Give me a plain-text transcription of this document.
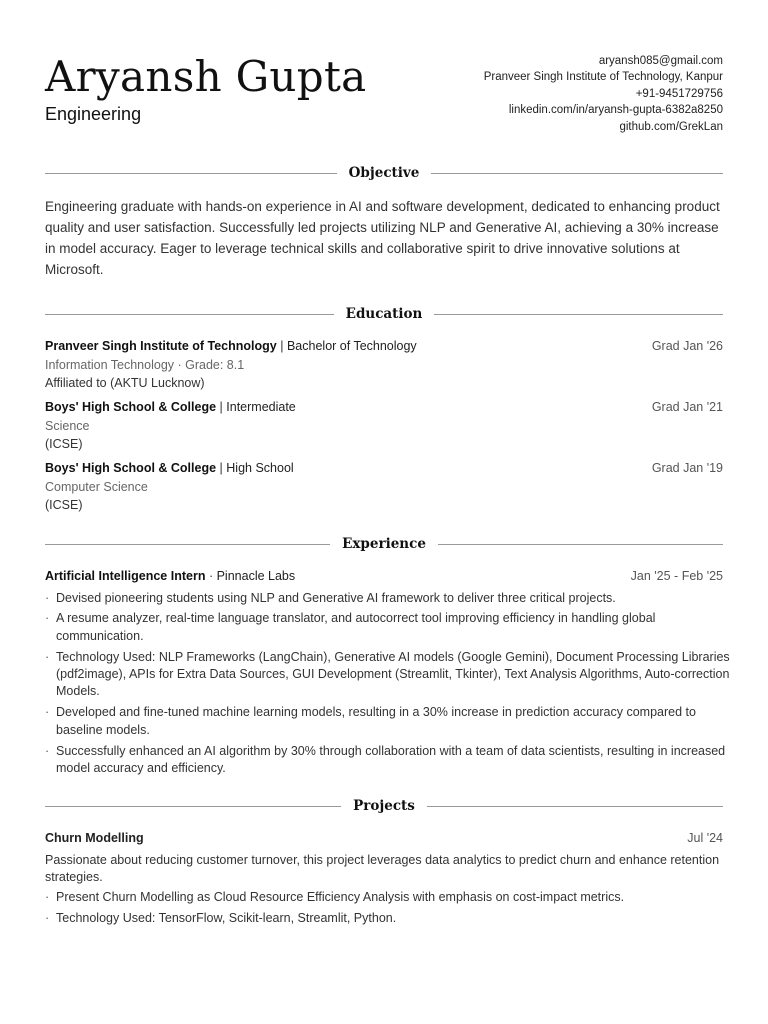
Aryansh Gupta
Engineering
aryansh085@gmail.com
Pranveer Singh Institute of Technology, Kanpur
+91-9451729756
linkedin.com/in/aryansh-gupta-6382a8250
github.com/GrekLan
Objective
Engineering graduate with hands-on experience in AI and software development, dedicated to enhancing product quality and user satisfaction. Successfully led projects utilizing NLP and Generative AI, achieving a 30% increase in model accuracy. Eager to leverage technical skills and collaborative spirit to drive innovative solutions at Microsoft.
Education
Pranveer Singh Institute of Technology | Bachelor of Technology	Grad Jan '26
Information Technology · Grade: 8.1
Affiliated to (AKTU Lucknow)
Boys' High School & College | Intermediate	Grad Jan '21
Science
(ICSE)
Boys' High School & College | High School	Grad Jan '19
Computer Science
(ICSE)
Experience
Artificial Intelligence Intern · Pinnacle Labs	Jan '25 - Feb '25
· Devised pioneering students using NLP and Generative AI framework to deliver three critical projects.
· A resume analyzer, real-time language translator, and autocorrect tool improving efficiency in handling global communication.
· Technology Used: NLP Frameworks (LangChain), Generative AI models (Google Gemini), Document Processing Libraries (pdf2image), APIs for Extra Data Sources, GUI Development (Streamlit, Tkinter), Text Analysis Algorithms, Auto-correction Models.
· Developed and fine-tuned machine learning models, resulting in a 30% increase in prediction accuracy compared to baseline models.
· Successfully enhanced an AI algorithm by 30% through collaboration with a team of data scientists, resulting in increased model accuracy and efficiency.
Projects
Churn Modelling	Jul '24
Passionate about reducing customer turnover, this project leverages data analytics to predict churn and enhance retention strategies.
· Present Churn Modelling as Cloud Resource Efficiency Analysis with emphasis on cost-impact metrics.
· Technology Used: TensorFlow, Scikit-learn, Streamlit, Python.
